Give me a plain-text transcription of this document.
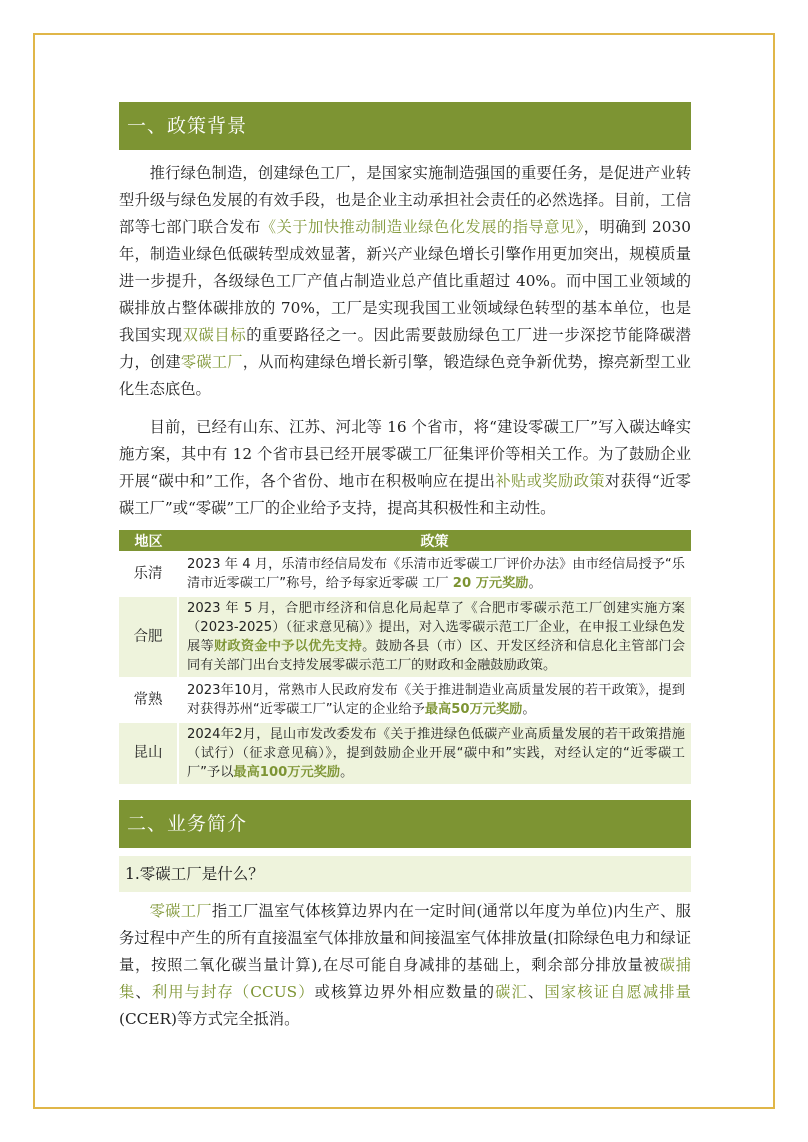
一、政策背景

推行绿色制造，创建绿色工厂，是国家实施制造强国的重要任务，是促进产业转型升级与绿色发展的有效手段，也是企业主动承担社会责任的必然选择。目前，工信部等七部门联合发布《关于加快推动制造业绿色化发展的指导意见》，明确到 2030 年，制造业绿色低碳转型成效显著，新兴产业绿色增长引擎作用更加突出，规模质量进一步提升，各级绿色工厂产值占制造业总产值比重超过 40%。而中国工业领域的碳排放占整体碳排放的 70%，工厂是实现我国工业领域绿色转型的基本单位，也是我国实现双碳目标的重要路径之一。因此需要鼓励绿色工厂进一步深挖节能降碳潜力，创建零碳工厂，从而构建绿色增长新引擎，锻造绿色竞争新优势，擦亮新型工业化生态底色。

目前，已经有山东、江苏、河北等 16 个省市，将“建设零碳工厂”写入碳达峰实施方案，其中有 12 个省市县已经开展零碳工厂征集评价等相关工作。为了鼓励企业开展“碳中和”工作，各个省份、地市在积极响应在提出补贴或奖励政策对获得“近零碳工厂”或“零碳”工厂的企业给予支持，提高其积极性和主动性。

地区	政策
乐清	2023 年 4 月，乐清市经信局发布《乐清市近零碳工厂评价办法》由市经信局授予“乐清市近零碳工厂”称号，给予每家近零碳 工厂 20 万元奖励。
合肥	2023 年 5 月，合肥市经济和信息化局起草了《合肥市零碳示范工厂创建实施方案（2023-2025）（征求意见稿）》提出，对入选零碳示范工厂企业，在申报工业绿色发展等财政资金中予以优先支持。鼓励各县（市）区、开发区经济和信息化主管部门会同有关部门出台支持发展零碳示范工厂的财政和金融鼓励政策。
常熟	2023年10月，常熟市人民政府发布《关于推进制造业高质量发展的若干政策》，提到对获得苏州“近零碳工厂”认定的企业给予最高50万元奖励。
昆山	2024年2月，昆山市发改委发布《关于推进绿色低碳产业高质量发展的若干政策措施（试行）（征求意见稿）》，提到鼓励企业开展“碳中和”实践，对经认定的“近零碳工厂”予以最高100万元奖励。
二、业务简介
1.零碳工厂是什么？

零碳工厂指工厂温室气体核算边界内在一定时间(通常以年度为单位)内生产、服务过程中产生的所有直接温室气体排放量和间接温室气体排放量(扣除绿色电力和绿证量，按照二氧化碳当量计算),在尽可能自身减排的基础上，剩余部分排放量被碳捕集、利用与封存（CCUS）或核算边界外相应数量的碳汇、国家核证自愿减排量(CCER)等方式完全抵消。
